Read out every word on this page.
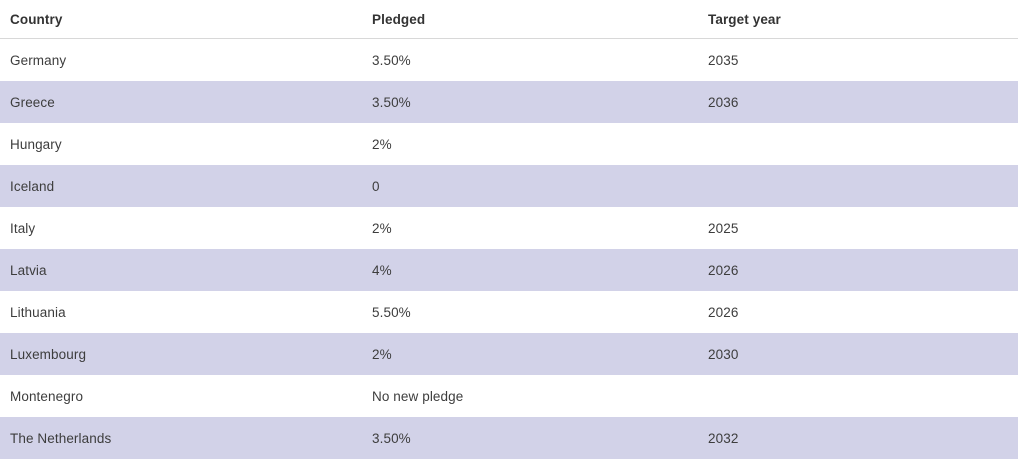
Country	Pledged	Target year
Germany	3.50%	2035
Greece	3.50%	2036
Hungary	2%	
Iceland	0	
Italy	2%	2025
Latvia	4%	2026
Lithuania	5.50%	2026
Luxembourg	2%	2030
Montenegro	No new pledge	
The Netherlands	3.50%	2032
